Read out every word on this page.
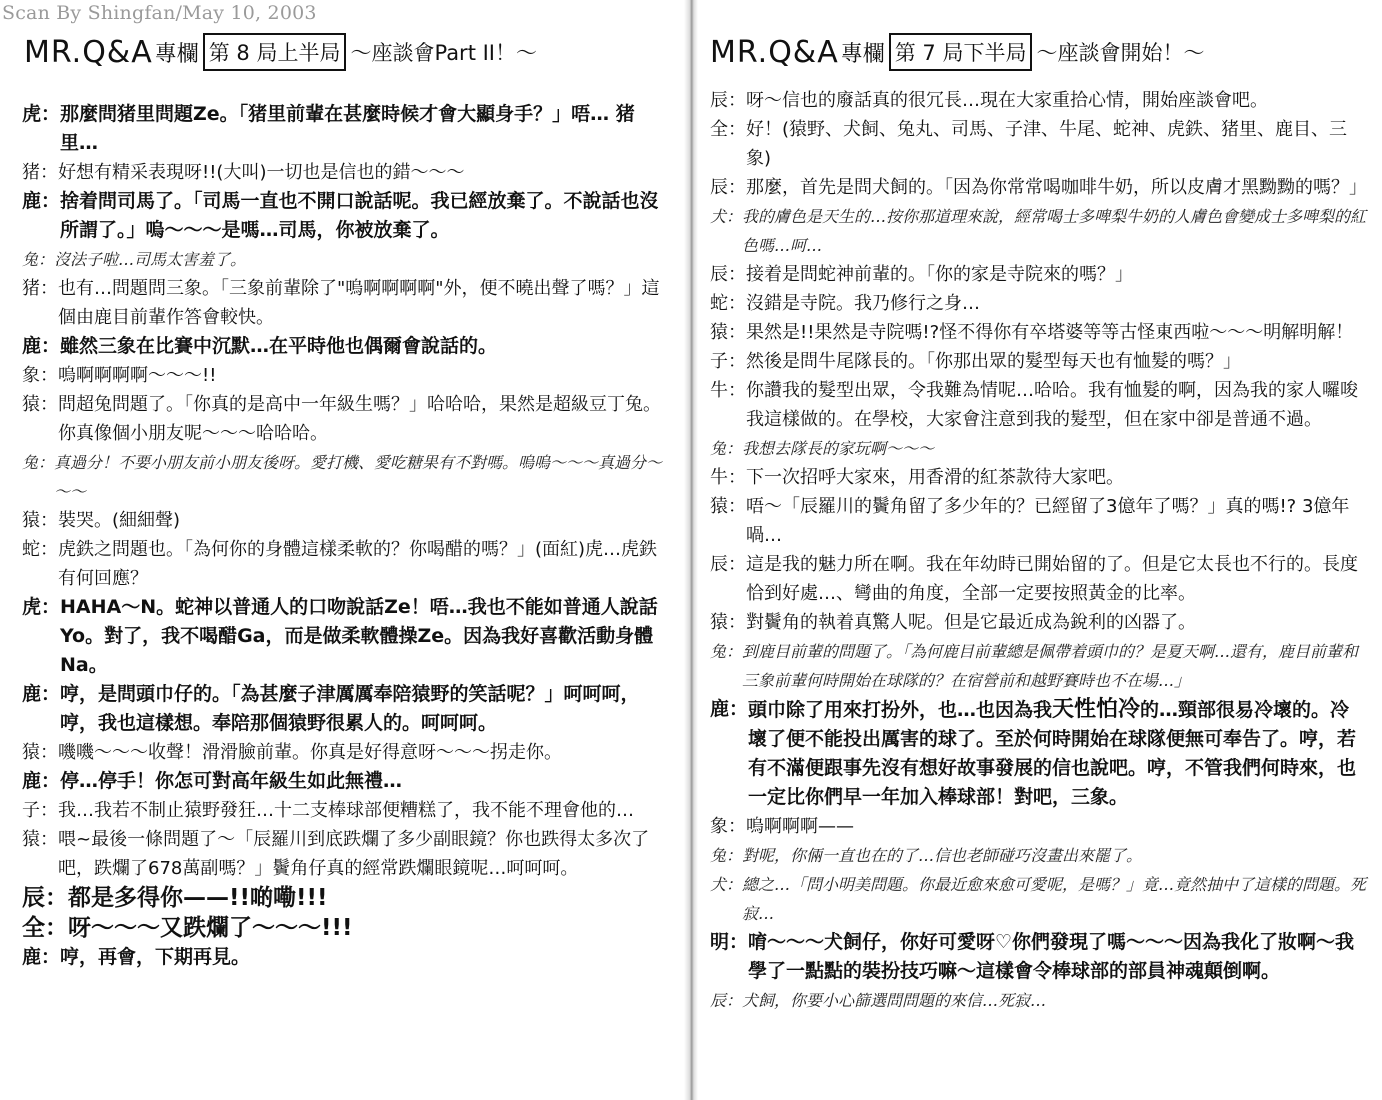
Scan By Shingfan/May 10, 2003
MR.Q&A 專欄 第 8 局上半局 ～座談會Part II！～
虎： 那麼問猪里問題Ze。「猪里前輩在甚麼時候才會大顯身手？」唔… 猪里…
猪： 好想有精采表現呀!!(大叫)一切也是信也的錯～～～
鹿： 捨着問司馬了。「司馬一直也不開口說話呢。我已經放棄了。不說話也沒所謂了。」嗚～～～是嗎…司馬，你被放棄了。
兔： 沒法子啦…司馬太害羞了。
猪： 也有…問題問三象。「三象前輩除了"嗚啊啊啊啊"外，便不曉出聲了嗎？」這個由鹿目前輩作答會較快。
鹿： 雖然三象在比賽中沉默…在平時他也偶爾會說話的。
象： 嗚啊啊啊啊～～～!!
猿： 問超兔問題了。「你真的是高中一年級生嗎？」哈哈哈，果然是超級豆丁兔。你真像個小朋友呢～～～哈哈哈。
兔： 真過分！不要小朋友前小朋友後呀。愛打機、愛吃糖果有不對嗎。嗚嗚～～～真過分～～～
猿： 裝哭。(細細聲)
蛇： 虎鉄之問題也。「為何你的身體這樣柔軟的？你喝醋的嗎？」(面紅)虎…虎鉄有何回應？
虎： HAHA～N。蛇神以普通人的口吻說話Ze！唔…我也不能如普通人說話Yo。對了，我不喝醋Ga，而是做柔軟體操Ze。因為我好喜歡活動身體Na。
鹿： 哼，是問頭巾仔的。「為甚麼子津厲厲奉陪猿野的笑話呢？」呵呵呵，哼，我也這樣想。奉陪那個猿野很累人的。呵呵呵。
猿： 嘰嘰～～～收聲！滑滑臉前輩。你真是好得意呀～～～拐走你。
鹿： 停…停手！你怎可對高年級生如此無禮…
子： 我…我若不制止猿野發狂…十二支棒球部便糟糕了，我不能不理會他的…
猿： 喂~最後一條問題了～「辰羅川到底跌爛了多少副眼鏡？你也跌得太多次了吧，跌爛了678萬副嗎？」鬢角仔真的經常跌爛眼鏡呢…呵呵呵。
辰： 都是多得你——!!啲嘞!!!
全： 呀～～～又跌爛了～～～!!!
鹿： 哼，再會，下期再見。
MR.Q&A 專欄 第 7 局下半局 ～座談會開始！～
辰： 呀～信也的廢話真的很冗長…現在大家重拾心情，開始座談會吧。
全： 好！(猿野、犬飼、兔丸、司馬、子津、牛尾、蛇神、虎鉄、猪里、鹿目、三象)
辰： 那麼，首先是問犬飼的。「因為你常常喝咖啡牛奶，所以皮膚才黑黝黝的嗎？」
犬： 我的膚色是天生的…按你那道理來說，經常喝士多啤梨牛奶的人膚色會變成士多啤梨的紅色嗎…呵…
辰： 接着是問蛇神前輩的。「你的家是寺院來的嗎？」
蛇： 沒錯是寺院。我乃修行之身…
猿： 果然是!!果然是寺院嗎!?怪不得你有卒塔婆等等古怪東西啦～～～明解明解！
子： 然後是問牛尾隊長的。「你那出眾的髮型每天也有恤髮的嗎？」
牛： 你讚我的髮型出眾，令我難為情呢…哈哈。我有恤髮的啊，因為我的家人囉唆我這樣做的。在學校，大家會注意到我的髮型，但在家中卻是普通不過。
兔： 我想去隊長的家玩啊～～～
牛： 下一次招呼大家來，用香滑的紅茶款待大家吧。
猿： 唔～「辰羅川的鬢角留了多少年的？已經留了3億年了嗎？」真的嗎!? 3億年喎…
辰： 這是我的魅力所在啊。我在年幼時已開始留的了。但是它太長也不行的。長度恰到好處…、彎曲的角度，全部一定要按照黃金的比率。
猿： 對鬢角的執着真驚人呢。但是它最近成為銳利的凶器了。
兔： 到鹿目前輩的問題了。「為何鹿目前輩總是佩帶着頭巾的？是夏天啊…還有，鹿目前輩和三象前輩何時開始在球隊的？在宿營前和越野賽時也不在場…」
鹿： 頭巾除了用來打扮外，也…也因為我天性怕冷的…頸部很易冷壞的。冷壞了便不能投出厲害的球了。至於何時開始在球隊便無可奉告了。哼，若有不滿便跟事先沒有想好故事發展的信也說吧。哼，不管我們何時來，也一定比你們早一年加入棒球部！對吧，三象。
象： 嗚啊啊啊——
兔： 對呢，你倆一直也在的了…信也老師碰巧沒畫出來罷了。
犬： 總之…「問小明美問題。你最近愈來愈可愛呢，是嗎？」竟…竟然抽中了這樣的問題。死寂…
明： 唷～～～犬飼仔，你好可愛呀♡你們發現了嗎～～～因為我化了妝啊～我學了一點點的裝扮技巧嘛～這樣會令棒球部的部員神魂顛倒啊。
辰： 犬飼，你要小心篩選問問題的來信…死寂…
